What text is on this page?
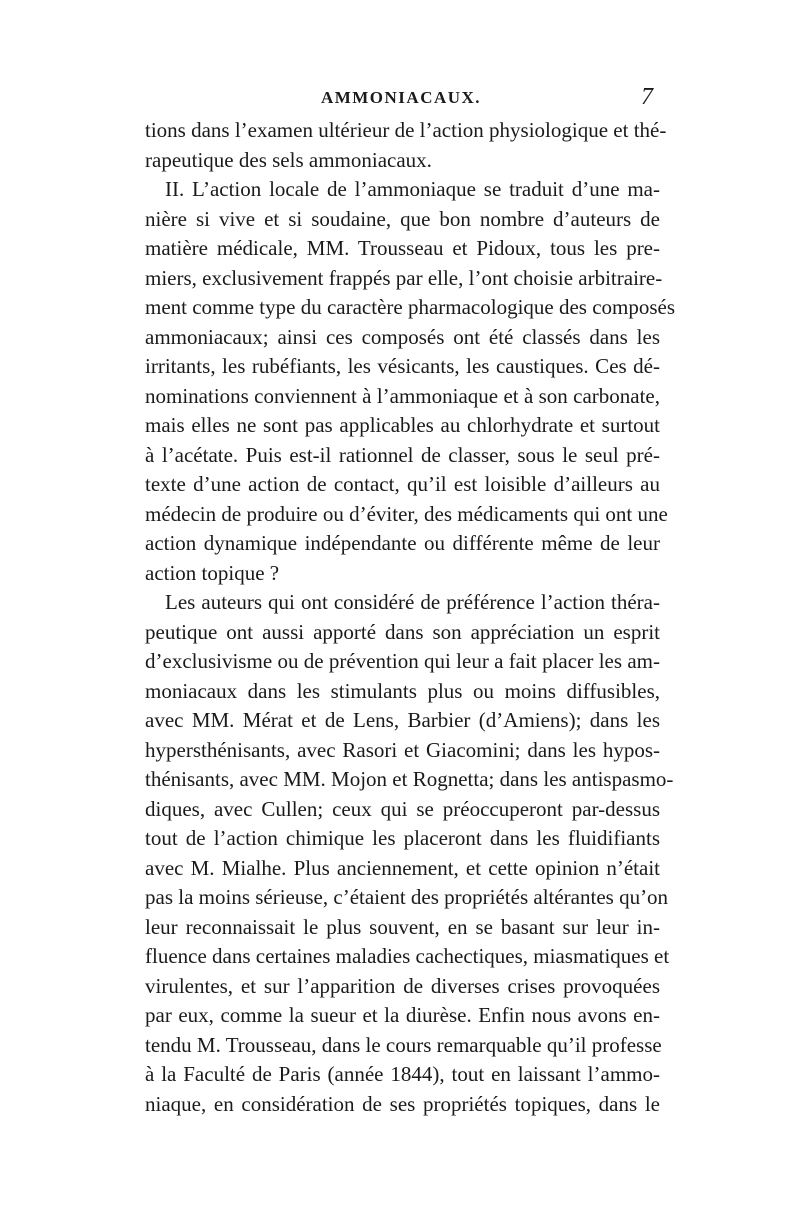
AMMONIACAUX.	7
tions dans l’examen ultérieur de l’action physiologique et thé-
rapeutique des sels ammoniacaux.
II. L’action locale de l’ammoniaque se traduit d’une ma-
nière si vive et si soudaine, que bon nombre d’auteurs de
matière médicale, MM. Trousseau et Pidoux, tous les pre-
miers, exclusivement frappés par elle, l’ont choisie arbitraire-
ment comme type du caractère pharmacologique des composés
ammoniacaux; ainsi ces composés ont été classés dans les
irritants, les rubéfiants, les vésicants, les caustiques. Ces dé-
nominations conviennent à l’ammoniaque et à son carbonate,
mais elles ne sont pas applicables au chlorhydrate et surtout
à l’acétate. Puis est-il rationnel de classer, sous le seul pré-
texte d’une action de contact, qu’il est loisible d’ailleurs au
médecin de produire ou d’éviter, des médicaments qui ont une
action dynamique indépendante ou différente même de leur
action topique ?
Les auteurs qui ont considéré de préférence l’action théra-
peutique ont aussi apporté dans son appréciation un esprit
d’exclusivisme ou de prévention qui leur a fait placer les am-
moniacaux dans les stimulants plus ou moins diffusibles,
avec MM. Mérat et de Lens, Barbier (d’Amiens); dans les
hypersthénisants, avec Rasori et Giacomini; dans les hypos-
thénisants, avec MM. Mojon et Rognetta; dans les antispasmo-
diques, avec Cullen; ceux qui se préoccuperont par-dessus
tout de l’action chimique les placeront dans les fluidifiants
avec M. Mialhe. Plus anciennement, et cette opinion n’était
pas la moins sérieuse, c’étaient des propriétés altérantes qu’on
leur reconnaissait le plus souvent, en se basant sur leur in-
fluence dans certaines maladies cachectiques, miasmatiques et
virulentes, et sur l’apparition de diverses crises provoquées
par eux, comme la sueur et la diurèse. Enfin nous avons en-
tendu M. Trousseau, dans le cours remarquable qu’il professe
à la Faculté de Paris (année 1844), tout en laissant l’ammo-
niaque, en considération de ses propriétés topiques, dans le
